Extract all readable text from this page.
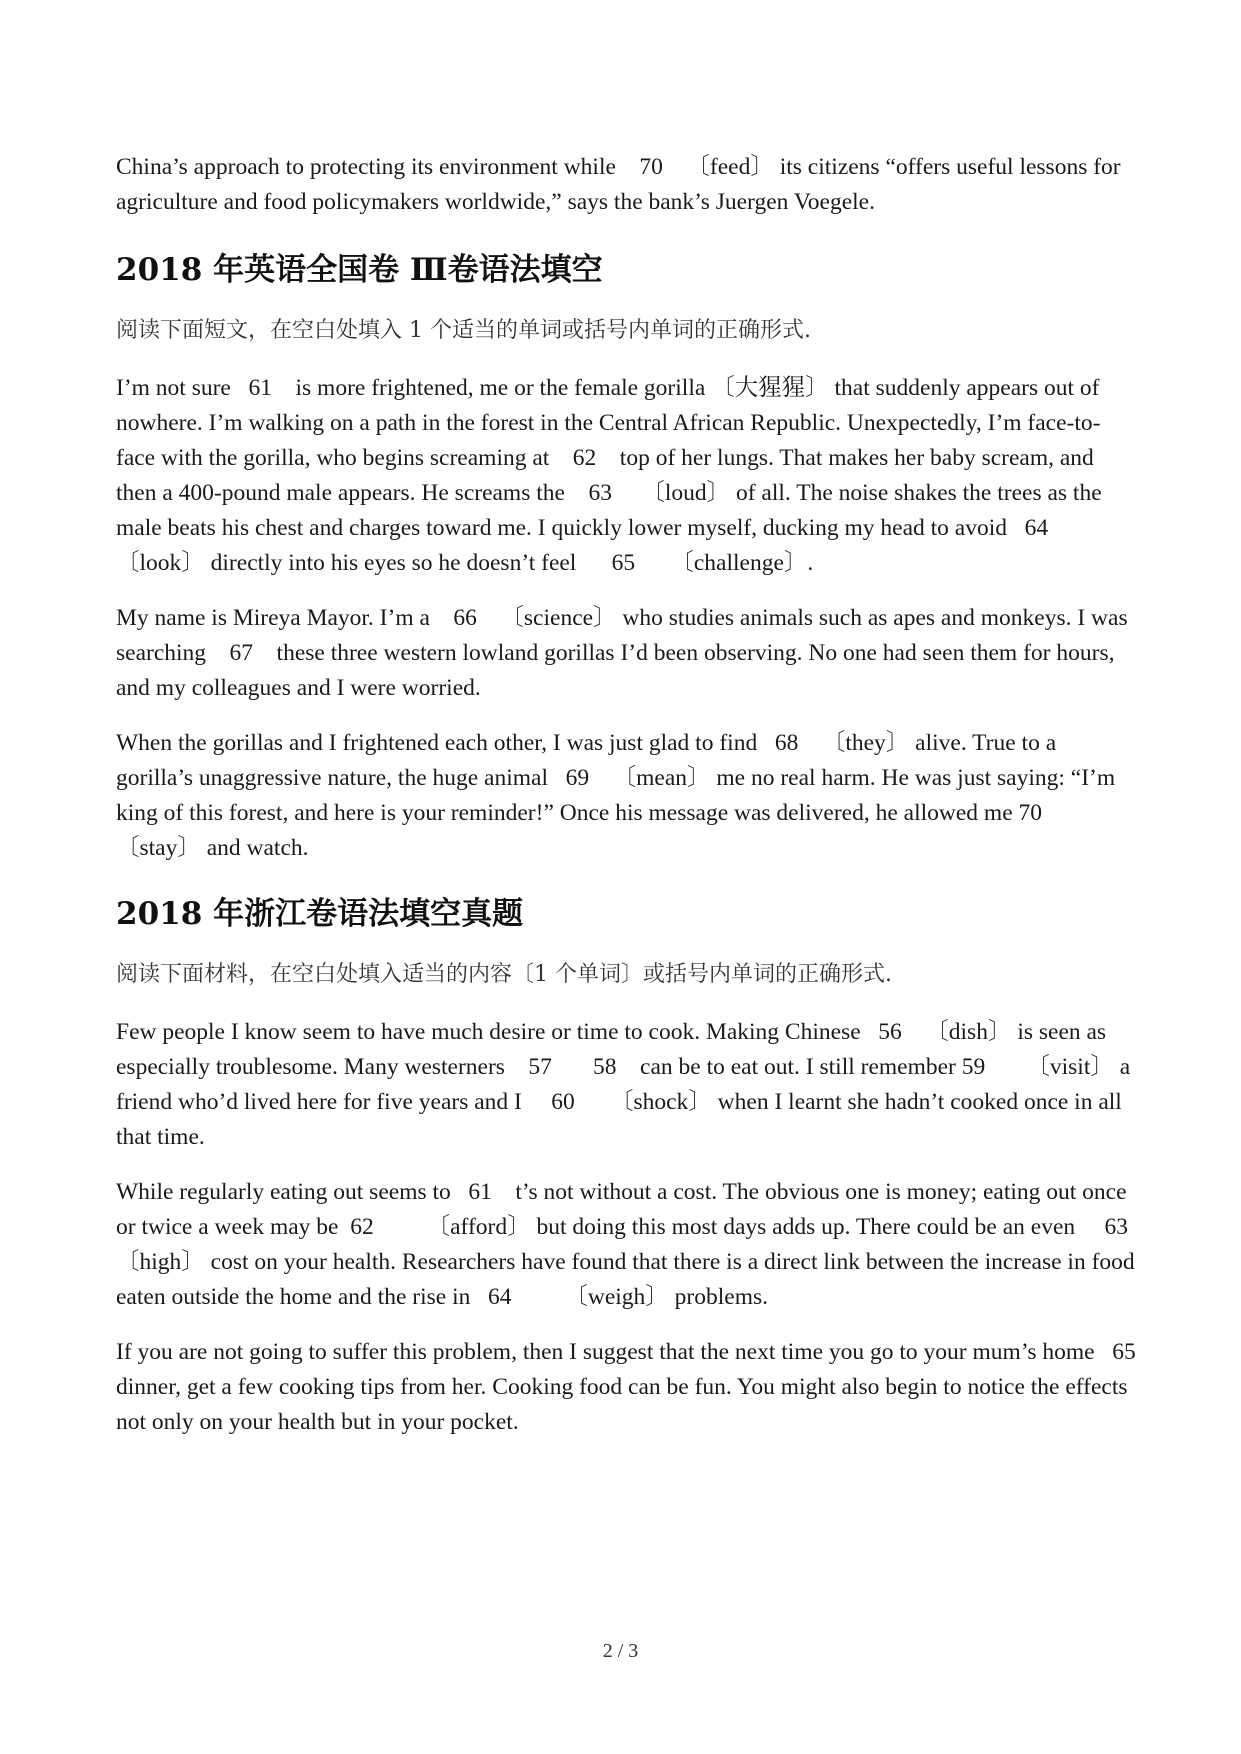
China’s approach to protecting its environment while    70    〔feed〕 its citizens “offers useful lessons for agriculture and food policymakers worldwide,” says the bank’s Juergen Voegele.

2018 年英语全国卷 Ⅲ卷语法填空

阅读下面短文，在空白处填入 1 个适当的单词或括号内单词的正确形式.

I’m not sure   61    is more frightened, me or the female gorilla 〔大猩猩〕 that suddenly appears out of nowhere. I’m walking on a path in the forest in the Central African Republic. Unexpectedly, I’m face-to-face with the gorilla, who begins screaming at    62    top of her lungs. That makes her baby scream, and then a 400-pound male appears. He screams the    63     〔loud〕 of all. The noise shakes the trees as the male beats his chest and charges toward me. I quickly lower myself, ducking my head to avoid   64    〔look〕 directly into his eyes so he doesn’t feel      65      〔challenge〕.

My name is Mireya Mayor. I’m a    66    〔science〕 who studies animals such as apes and monkeys. I was searching    67    these three western lowland gorillas I’d been observing. No one had seen them for hours, and my colleagues and I were worried.

When the gorillas and I frightened each other, I was just glad to find   68    〔they〕 alive. True to a gorilla’s unaggressive nature, the huge animal   69    〔mean〕 me no real harm. He was just saying: “I’m king of this forest, and here is your reminder!” Once his message was delivered, he allowed me 70    〔stay〕 and watch.

2018 年浙江卷语法填空真题

阅读下面材料，在空白处填入适当的内容〔1 个单词〕或括号内单词的正确形式.

Few people I know seem to have much desire or time to cook. Making Chinese   56    〔dish〕 is seen as especially troublesome. Many westerners    57       58    can be to eat out. I still remember 59       〔visit〕 a friend who’d lived here for five years and I     60      〔shock〕 when I learnt she hadn’t cooked once in all that time.

While regularly eating out seems to   61    t’s not without a cost. The obvious one is money; eating out once or twice a week may be  62         〔afford〕 but doing this most days adds up. There could be an even     63     〔high〕 cost on your health. Researchers have found that there is a direct link between the increase in food eaten outside the home and the rise in   64         〔weigh〕 problems.

If you are not going to suffer this problem, then I suggest that the next time you go to your mum’s home   65     dinner, get a few cooking tips from her. Cooking food can be fun. You might also begin to notice the effects not only on your health but in your pocket.

2 / 3
